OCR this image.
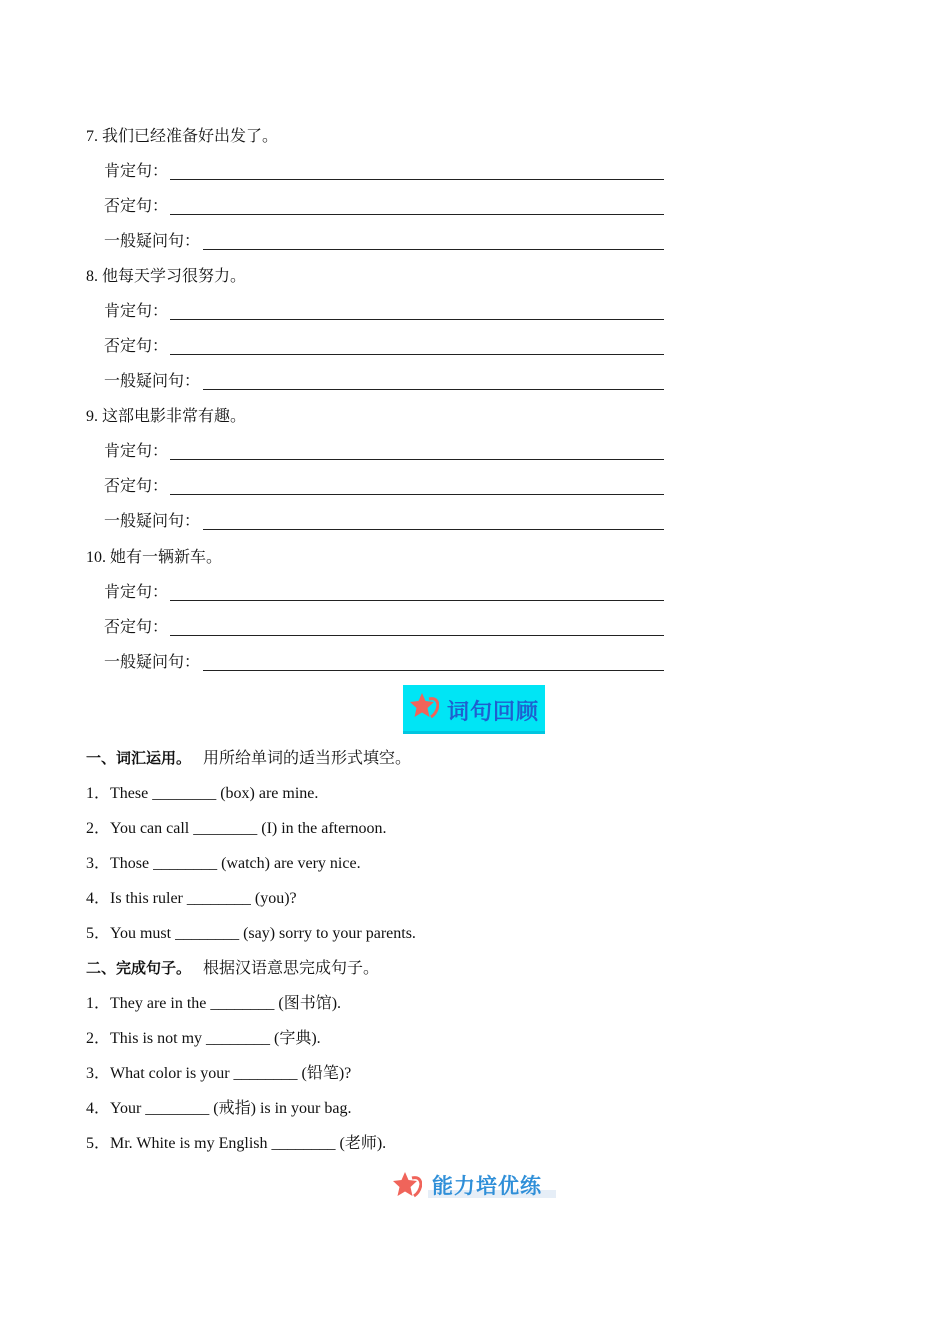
7. 我们已经准备好出发了。
肯定句：
否定句：
一般疑问句：
8. 他每天学习很努力。
肯定句：
否定句：
一般疑问句：
9. 这部电影非常有趣。
肯定句：
否定句：
一般疑问句：
10. 她有一辆新车。
肯定句：
否定句：
一般疑问句：
词句回顾
一、词汇运用。 用所给单词的适当形式填空。
1．These ________ (box) are mine.
2．You can call ________ (I) in the afternoon.
3．Those ________ (watch) are very nice.
4．Is this ruler ________ (you)?
5．You must ________ (say) sorry to your parents.
二、完成句子。 根据汉语意思完成句子。
1．They are in the ________ (图书馆).
2．This is not my ________ (字典).
3．What color is your ________ (铅笔)?
4．Your ________ (戒指) is in your bag.
5．Mr. White is my English ________ (老师).
能力培优练
